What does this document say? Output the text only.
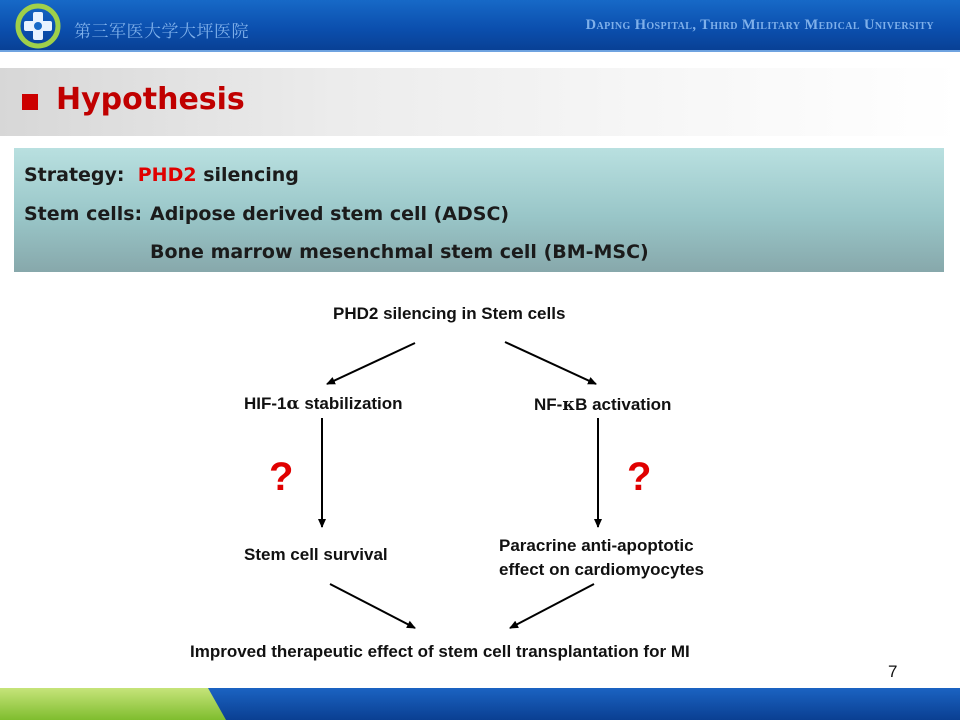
第三军医大学大坪医院	Daping Hospital, Third Military Medical University
Hypothesis
Strategy: PHD2 silencing
Stem cells: Adipose derived stem cell (ADSC)
Bone marrow mesenchmal stem cell (BM-MSC)
PHD2 silencing in Stem cells
HIF-1α stabilization	NF-κB activation
?	?
Stem cell survival	Paracrine anti-apoptotic
effect on cardiomyocytes
Improved therapeutic effect of stem cell transplantation for MI
7
